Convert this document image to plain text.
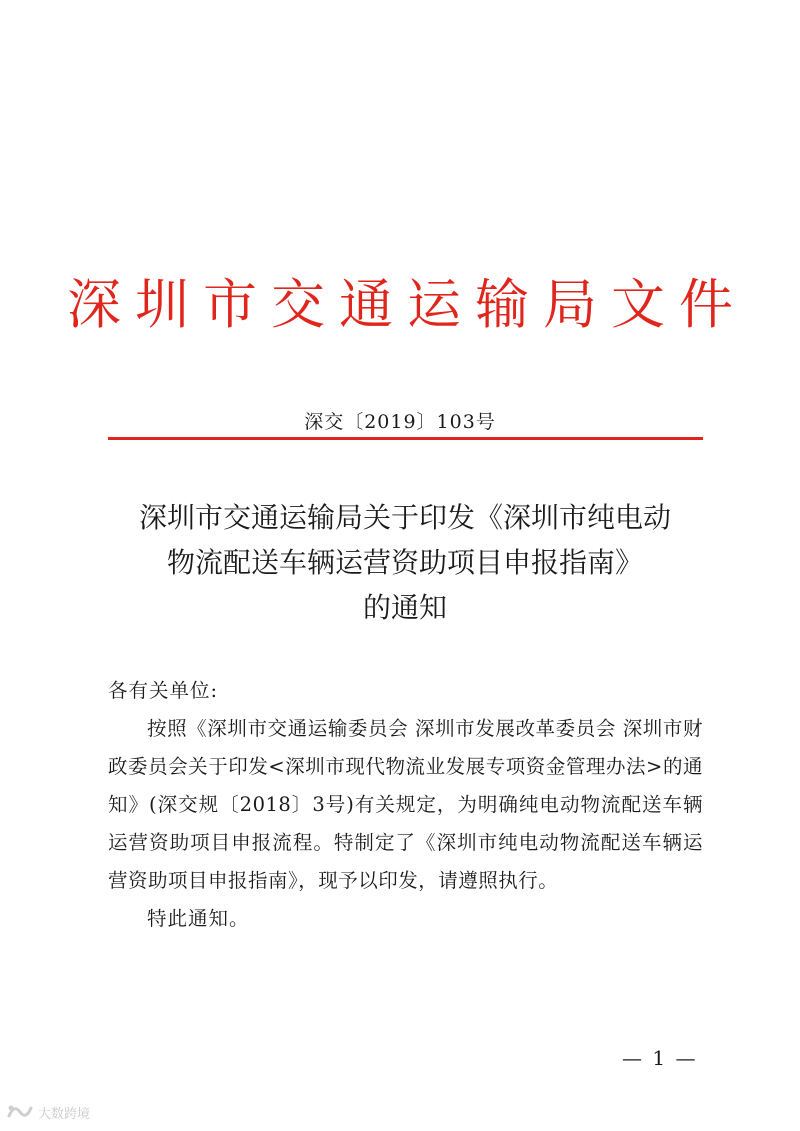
深圳市交通运输局文件
深交〔2019〕103号
深圳市交通运输局关于印发《深圳市纯电动
物流配送车辆运营资助项目申报指南》
的通知

各有关单位:

按照《深圳市交通运输委员会 深圳市发展改革委员会 深圳市财政委员会关于印发<深圳市现代物流业发展专项资金管理办法>的通知》(深交规〔2018〕3号)有关规定，为明确纯电动物流配送车辆运营资助项目申报流程。特制定了《深圳市纯电动物流配送车辆运营资助项目申报指南》，现予以印发，请遵照执行。

特此通知。

— 1 —
大数跨境
